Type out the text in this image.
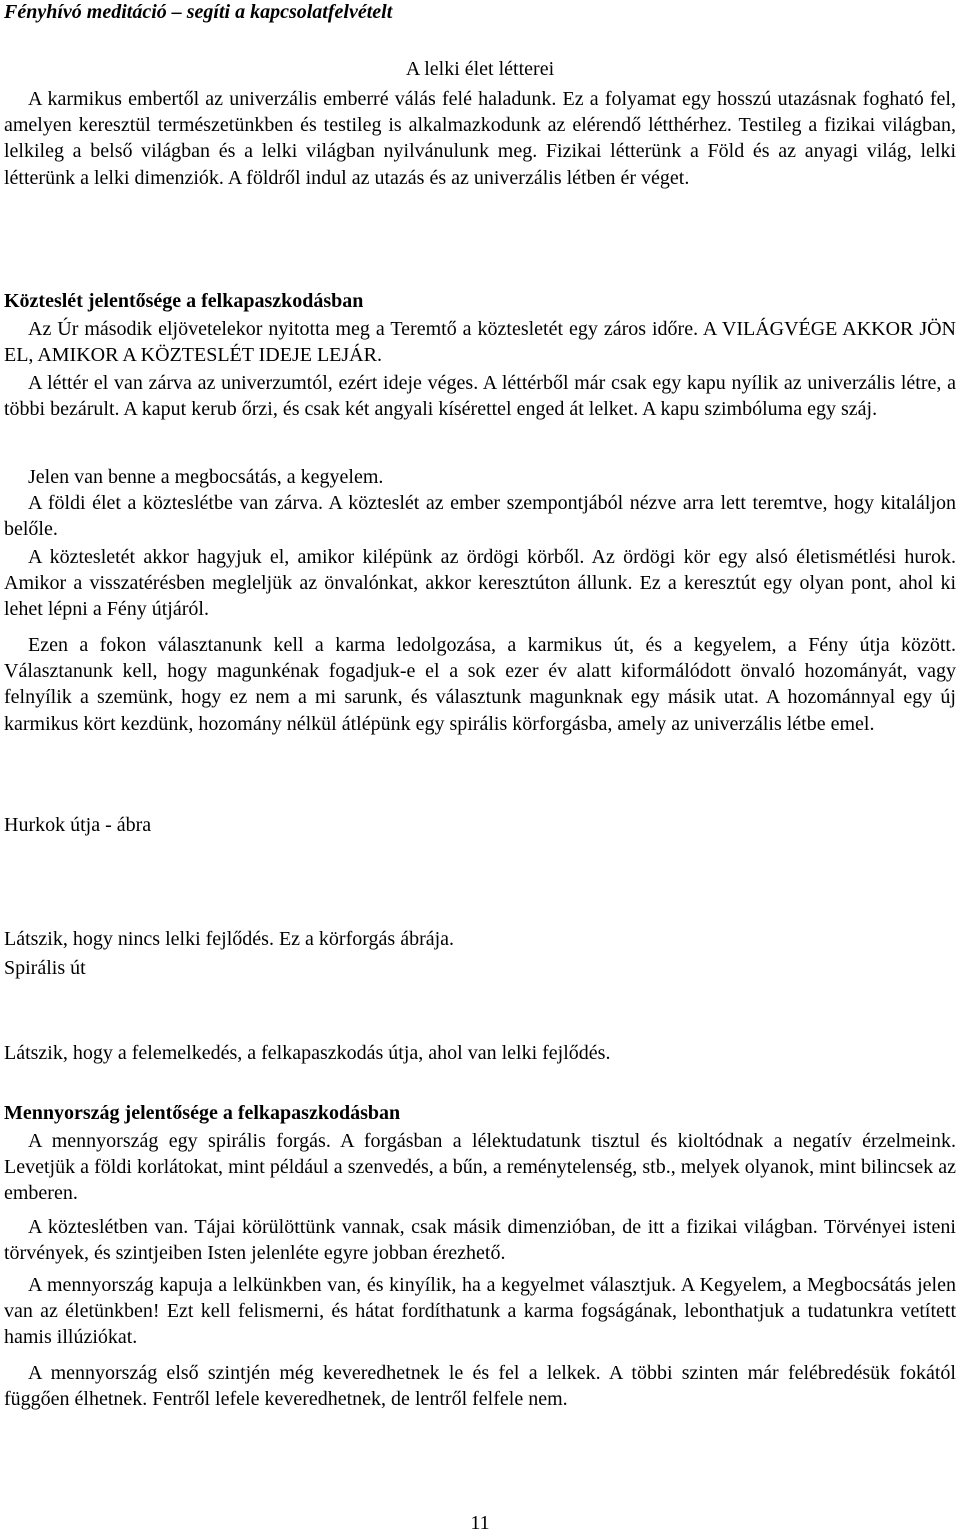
Fényhívó meditáció – segíti a kapcsolatfelvételt
A lelki élet létterei

A karmikus embertől az univerzális emberré válás felé haladunk. Ez a folyamat egy hosszú utazásnak fogható fel, amelyen keresztül természetünkben és testileg is alkalmazkodunk az elérendő létthérhez. Testileg a fizikai világban, lelkileg a belső világban és a lelki világban nyilvánulunk meg. Fizikai létterünk a Föld és az anyagi világ, lelki létterünk a lelki dimenziók. A földről indul az utazás és az univerzális létben ér véget.

Közteslét jelentősége a felkapaszkodásban

Az Úr második eljövetelekor nyitotta meg a Teremtő a köztesletét egy záros időre. A VILÁGVÉGE AKKOR JÖN EL, AMIKOR A KÖZTESLÉT IDEJE LEJÁR.

A léttér el van zárva az univerzumtól, ezért ideje véges. A léttérből már csak egy kapu nyílik az univerzális létre, a többi bezárult. A kaput kerub őrzi, és csak két angyali kísérettel enged át lelket. A kapu szimbóluma egy száj.

Jelen van benne a megbocsátás, a kegyelem.

A földi élet a közteslétbe van zárva. A közteslét az ember szempontjából nézve arra lett teremtve, hogy kitaláljon belőle.

A köztesletét akkor hagyjuk el, amikor kilépünk az ördögi körből. Az ördögi kör egy alsó életismétlési hurok. Amikor a visszatérésben megleljük az önvalónkat, akkor keresztúton állunk. Ez a keresztút egy olyan pont, ahol ki lehet lépni a Fény útjáról.

Ezen a fokon választanunk kell a karma ledolgozása, a karmikus út, és a kegyelem, a Fény útja között. Választanunk kell, hogy magunkénak fogadjuk-e el a sok ezer év alatt kiformálódott önvaló hozományát, vagy felnyílik a szemünk, hogy ez nem a mi sarunk, és választunk magunknak egy másik utat. A hozománnyal egy új karmikus kört kezdünk, hozomány nélkül átlépünk egy spirális körforgásba, amely az univerzális létbe emel.

Hurkok útja - ábra
Látszik, hogy nincs lelki fejlődés. Ez a körforgás ábrája.
Spirális út
Látszik, hogy a felemelkedés, a felkapaszkodás útja, ahol van lelki fejlődés.
Mennyország jelentősége a felkapaszkodásban

A mennyország egy spirális forgás. A forgásban a lélektudatunk tisztul és kioltódnak a negatív érzelmeink. Levetjük a földi korlátokat, mint például a szenvedés, a bűn, a reménytelenség, stb., melyek olyanok, mint bilincsek az emberen.

A közteslétben van. Tájai körülöttünk vannak, csak másik dimenzióban, de itt a fizikai világban. Törvényei isteni törvények, és szintjeiben Isten jelenléte egyre jobban érezhető.

A mennyország kapuja a lelkünkben van, és kinyílik, ha a kegyelmet választjuk. A Kegyelem, a Megbocsátás jelen van az életünkben! Ezt kell felismerni, és hátat fordíthatunk a karma fogságának, lebonthatjuk a tudatunkra vetített hamis illúziókat.

A mennyország első szintjén még keveredhetnek le és fel a lelkek. A többi szinten már felébredésük fokától függően élhetnek. Fentről lefele keveredhetnek, de lentről felfele nem.

11
